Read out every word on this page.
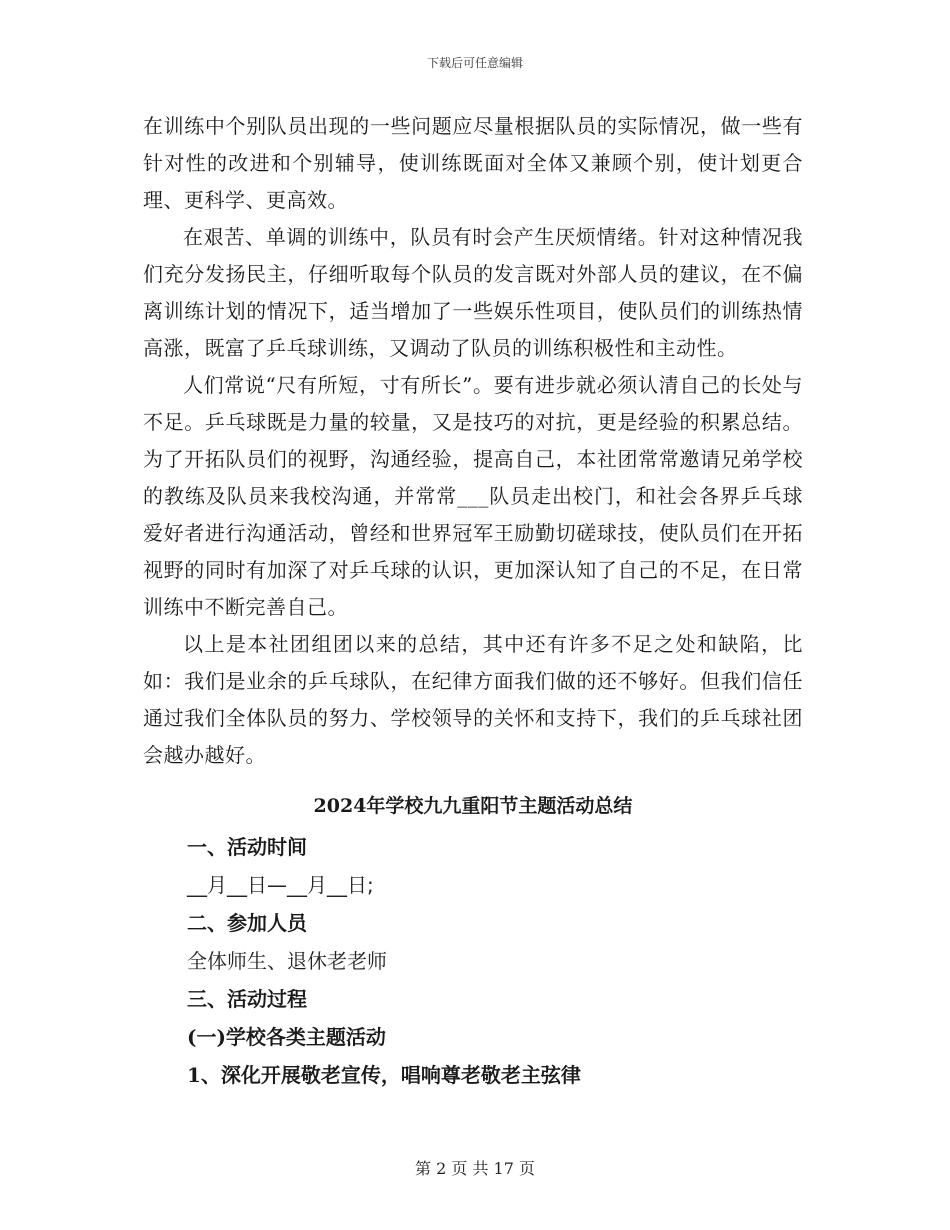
下载后可任意编辑

在训练中个别队员出现的一些问题应尽量根据队员的实际情况，做一些有针对性的改进和个别辅导，使训练既面对全体又兼顾个别，使计划更合理、更科学、更高效。

在艰苦、单调的训练中，队员有时会产生厌烦情绪。针对这种情况我们充分发扬民主，仔细听取每个队员的发言既对外部人员的建议，在不偏离训练计划的情况下，适当增加了一些娱乐性项目，使队员们的训练热情高涨，既富了乒乓球训练，又调动了队员的训练积极性和主动性。

人们常说“尺有所短，寸有所长”。要有进步就必须认清自己的长处与不足。乒乓球既是力量的较量，又是技巧的对抗，更是经验的积累总结。为了开拓队员们的视野，沟通经验，提高自己，本社团常常邀请兄弟学校的教练及队员来我校沟通，并常常___队员走出校门，和社会各界乒乓球爱好者进行沟通活动，曾经和世界冠军王励勤切磋球技，使队员们在开拓视野的同时有加深了对乒乓球的认识，更加深认知了自己的不足，在日常训练中不断完善自己。

以上是本社团组团以来的总结，其中还有许多不足之处和缺陷，比如：我们是业余的乒乓球队，在纪律方面我们做的还不够好。但我们信任通过我们全体队员的努力、学校领导的关怀和支持下，我们的乒乓球社团会越办越好。

2024年学校九九重阳节主题活动总结

一、活动时间

__月__日—__月__日;

二、参加人员

全体师生、退休老老师

三、活动过程

(一)学校各类主题活动

1、深化开展敬老宣传，唱响尊老敬老主弦律

第 2 页 共 17 页
